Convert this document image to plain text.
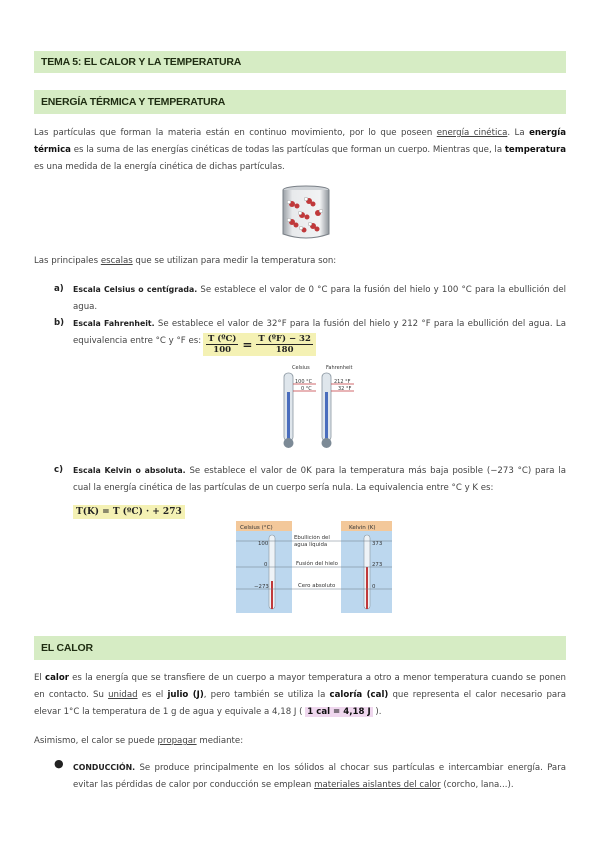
TEMA 5: EL CALOR Y LA TEMPERATURA
ENERGÍA TÉRMICA Y TEMPERATURA
Las partículas que forman la materia están en continuo movimiento, por lo que poseen energía cinética. La energía térmica es la suma de las energías cinéticas de todas las partículas que forman un cuerpo. Mientras que, la temperatura es una medida de la energía cinética de dichas partículas.
Las principales escalas que se utilizan para medir la temperatura son:
a) Escala Celsius o centígrada. Se establece el valor de 0 °C para la fusión del hielo y 100 °C para la ebullición del agua.
b) Escala Fahrenheit. Se establece el valor de 32°F para la fusión del hielo y 212 °F para la ebullición del agua. La equivalencia entre °C y °F es: $\frac{\text{T (ºC)}}{100} = \frac{\text{T (ºF) − 32}}{180}$
Celsius	Fahrenheit
100 °C
0 °C
212 °F
32 °F
c) Escala Kelvin o absoluta. Se establece el valor de 0K para la temperatura más baja posible (−273 °C) para la cual la energía cinética de las partículas de un cuerpo sería nula. La equivalencia entre °C y K es:
T(K) = T (ºC) · + 273
Celsius (°C)	Kelvin (K)
100
0
−273
373
273
0
Ebullición del agua líquida
Fusión del hielo
Cero absoluto
EL CALOR
El calor es la energía que se transfiere de un cuerpo a mayor temperatura a otro a menor temperatura cuando se ponen en contacto. Su unidad es el julio (J), pero también se utiliza la caloría (cal) que representa el calor necesario para elevar 1°C la temperatura de 1 g de agua y equivale a 4,18 J ( 1 cal = 4,18 J ).
Asimismo, el calor se puede propagar mediante:
● CONDUCCIÓN. Se produce principalmente en los sólidos al chocar sus partículas e intercambiar energía. Para evitar las pérdidas de calor por conducción se emplean materiales aislantes del calor (corcho, lana...).
